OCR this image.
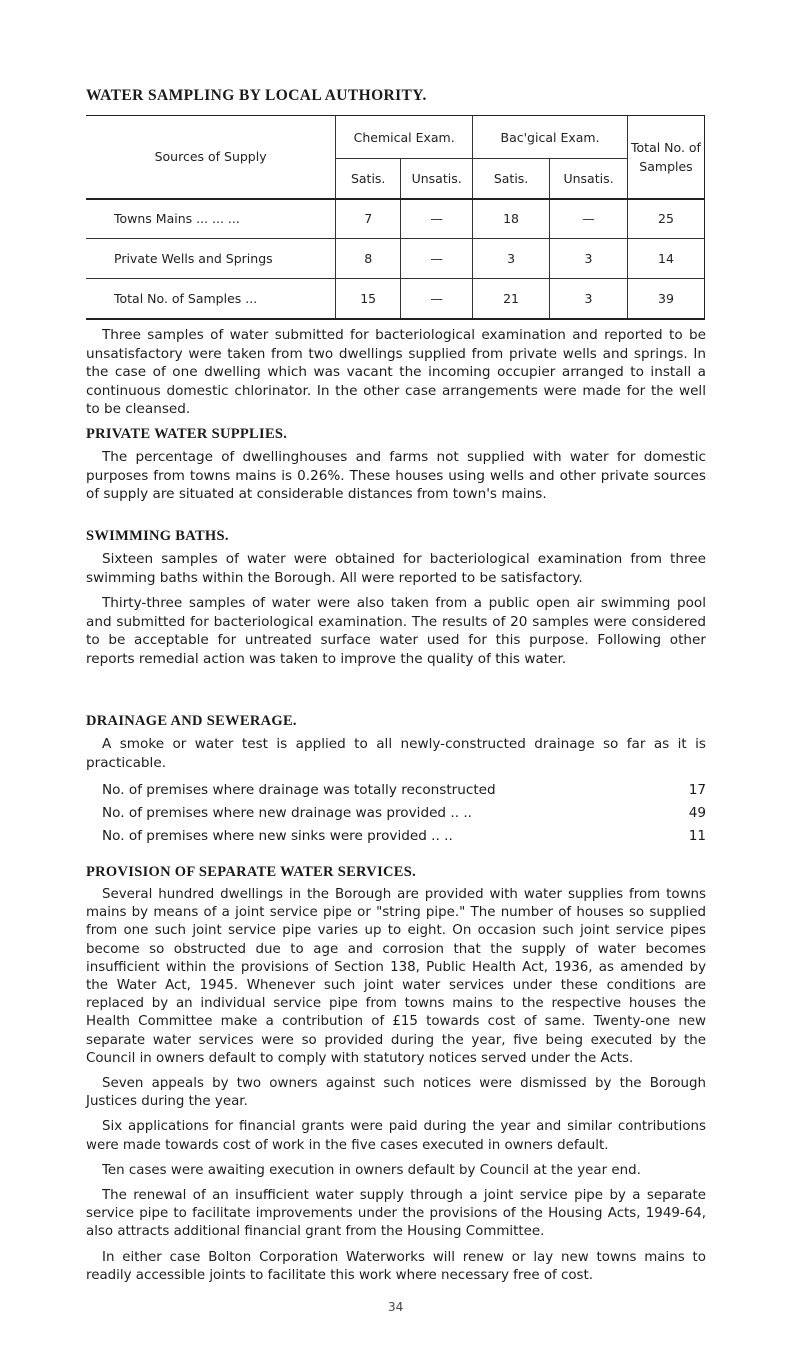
WATER SAMPLING BY LOCAL AUTHORITY.
Sources of Supply	Chemical Exam.		Bac'gical Exam.		Total No. of Samples
	Satis.	Unsatis.	Satis.	Unsatis.	
Towns Mains ... ... ...	7	—	18	—	25
Private Wells and Springs	8	—	3	3	14
Total No. of Samples ...	15	—	21	3	39

Three samples of water submitted for bacteriological examination and reported to be unsatisfactory were taken from two dwellings supplied from private wells and springs. In the case of one dwelling which was vacant the incoming occupier arranged to install a continuous domestic chlorinator. In the other case arrangements were made for the well to be cleansed.

PRIVATE WATER SUPPLIES.

The percentage of dwellinghouses and farms not supplied with water for domestic purposes from towns mains is 0.26%. These houses using wells and other private sources of supply are situated at considerable distances from town's mains.

SWIMMING BATHS.

Sixteen samples of water were obtained for bacteriological examination from three swimming baths within the Borough. All were reported to be satisfactory.

Thirty-three samples of water were also taken from a public open air swimming pool and submitted for bacteriological examination. The results of 20 samples were considered to be acceptable for untreated surface water used for this purpose. Following other reports remedial action was taken to improve the quality of this water.

DRAINAGE AND SEWERAGE.

A smoke or water test is applied to all newly-constructed drainage so far as it is practicable.

No. of premises where drainage was totally reconstructed	17
No. of premises where new drainage was provided .. ..	49
No. of premises where new sinks were provided .. ..	11
PROVISION OF SEPARATE WATER SERVICES.

Several hundred dwellings in the Borough are provided with water supplies from towns mains by means of a joint service pipe or "string pipe." The number of houses so supplied from one such joint service pipe varies up to eight. On occasion such joint service pipes become so obstructed due to age and corrosion that the supply of water becomes insufficient within the provisions of Section 138, Public Health Act, 1936, as amended by the Water Act, 1945. Whenever such joint water services under these conditions are replaced by an individual service pipe from towns mains to the respective houses the Health Committee make a contribution of £15 towards cost of same. Twenty-one new separate water services were so provided during the year, five being executed by the Council in owners default to comply with statutory notices served under the Acts.

Seven appeals by two owners against such notices were dismissed by the Borough Justices during the year.

Six applications for financial grants were paid during the year and similar contributions were made towards cost of work in the five cases executed in owners default.

Ten cases were awaiting execution in owners default by Council at the year end.

The renewal of an insufficient water supply through a joint service pipe by a separate service pipe to facilitate improvements under the provisions of the Housing Acts, 1949-64, also attracts additional financial grant from the Housing Committee.

In either case Bolton Corporation Waterworks will renew or lay new towns mains to readily accessible joints to facilitate this work where necessary free of cost.

34
